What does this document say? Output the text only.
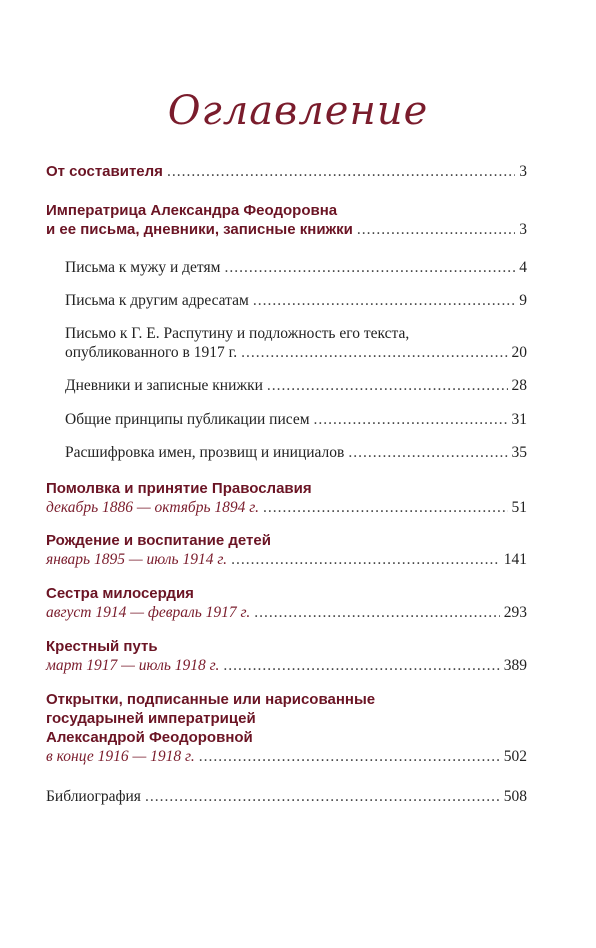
Оглавление
От составителя .....	3
Императрица Александра Феодоровна
и ее письма, дневники, записные книжки .....	3
Письма к мужу и детям .....	4
Письма к другим адресатам .....	9
Письмо к Г. Е. Распутину и подложность его текста,
опубликованного в 1917 г. .....	20
Дневники и записные книжки .....	28
Общие принципы публикации писем .....	31
Расшифровка имен, прозвищ и инициалов .....	35
Помолвка и принятие Православия
декабрь 1886 — октябрь 1894 г. .....	51
Рождение и воспитание детей
январь 1895 — июль 1914 г. .....	141
Сестра милосердия
август 1914 — февраль 1917 г. .....	293
Крестный путь
март 1917 — июль 1918 г. .....	389
Открытки, подписанные или нарисованные
государыней императрицей
Александрой Феодоровной
в конце 1916 — 1918 г. .....	502
Библиография .....	508
